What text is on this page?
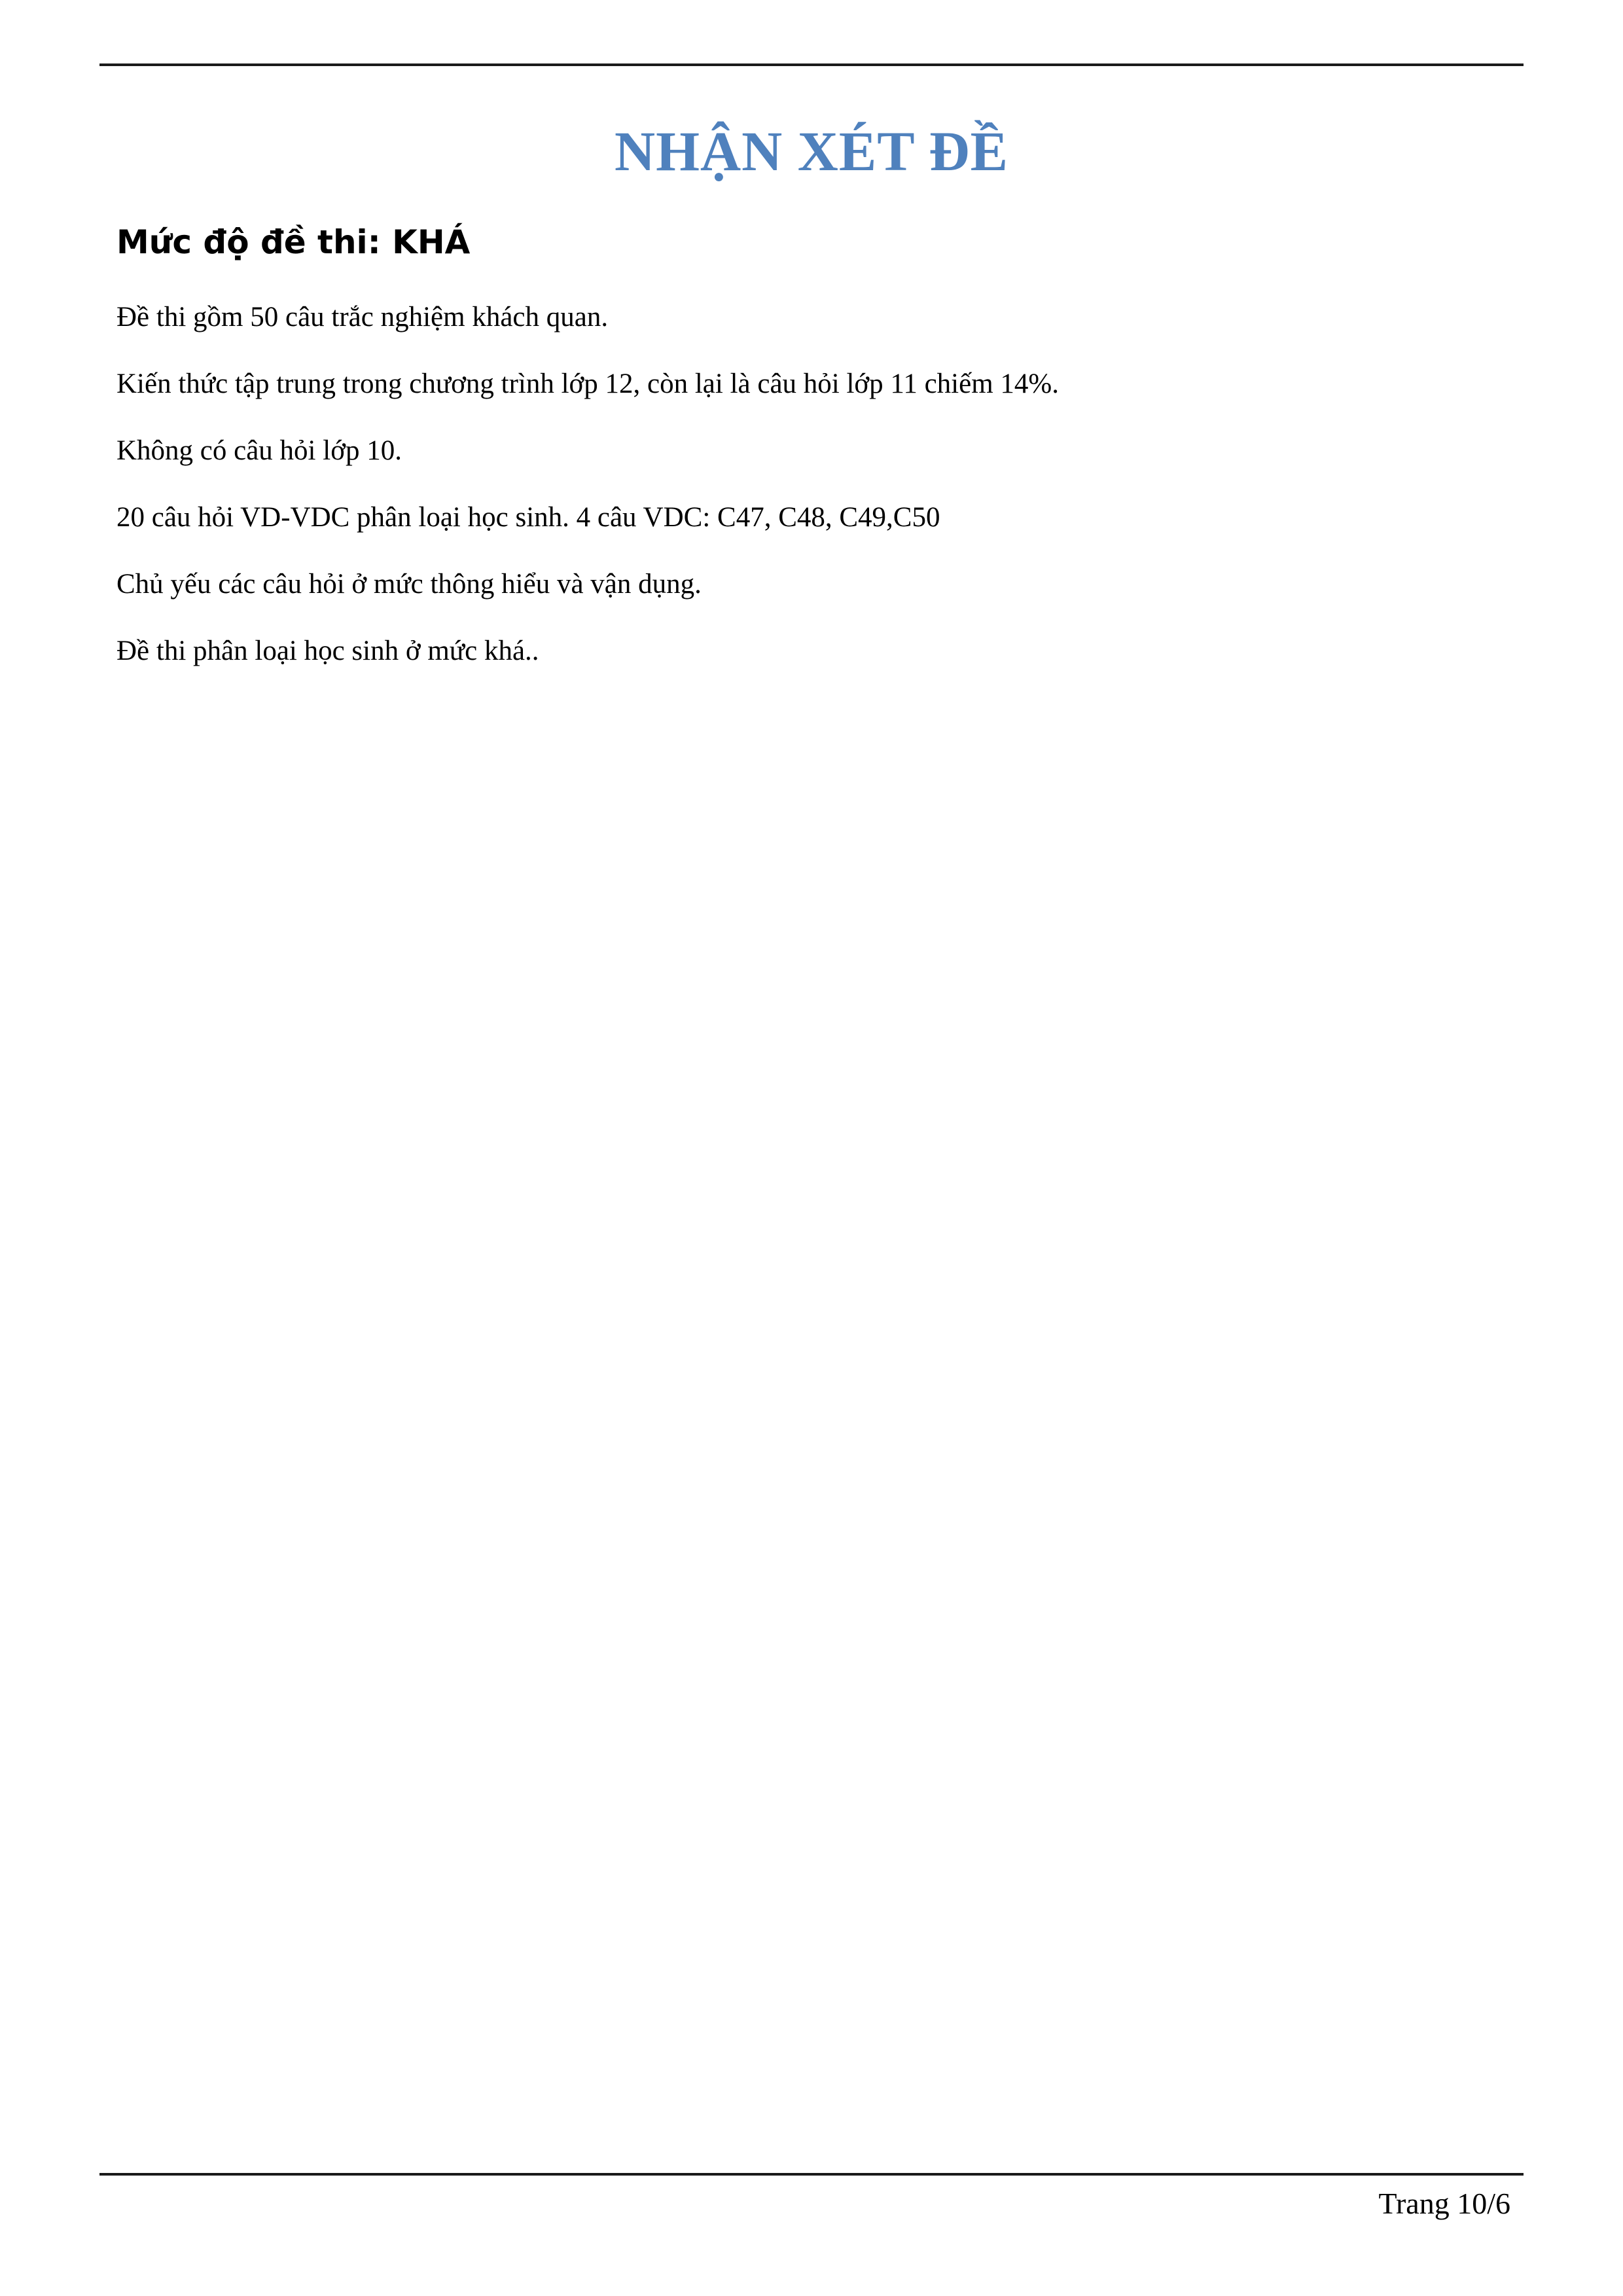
NHẬN XÉT ĐỀ
Mức độ đề thi: KHÁ

Đề thi gồm 50 câu trắc nghiệm khách quan.

Kiến thức tập trung trong chương trình lớp 12, còn lại là câu hỏi lớp 11 chiếm 14%.

Không có câu hỏi lớp 10.

20 câu hỏi VD-VDC phân loại học sinh. 4 câu VDC: C47, C48, C49,C50

Chủ yếu các câu hỏi ở mức thông hiểu và vận dụng.

Đề thi phân loại học sinh ở mức khá..

Trang 10/6
